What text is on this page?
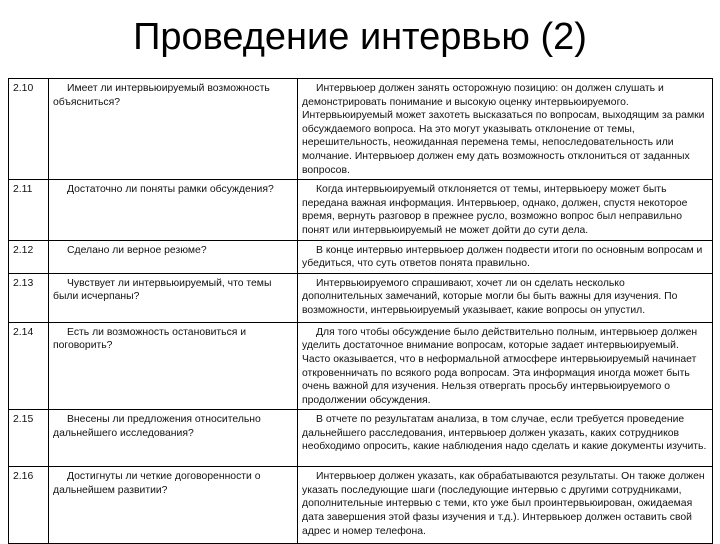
Проведение интервью (2)
2.10	Имеет ли интервьюируемый возможность объясниться?	Интервьюер должен занять осторожную позицию: он должен слушать и демонстрировать понимание и высокую оценку интервьюируемого. Интервьюируемый может захотеть высказаться по вопросам, выходящим за рамки обсуждаемого вопроса. На это могут указывать отклонение от темы, нерешительность, неожиданная перемена темы, непоследовательность или молчание. Интервьюер должен ему дать возможность отклониться от заданных вопросов.

2.11	Достаточно ли поняты рамки обсуждения?	Когда интервьюируемый отклоняется от темы, интервьюеру может быть передана важная информация. Интервьюер, однако, должен, спустя некоторое время, вернуть разговор в прежнее русло, возможно вопрос был неправильно понят или интервьюируемый не может дойти до сути дела.

2.12	Сделано ли верное резюме?	В конце интервью интервьюер должен подвести итоги по основным вопросам и убедиться, что суть ответов понята правильно.

2.13	Чувствует ли интервьюируемый, что темы были исчерпаны?	Интервьюируемого спрашивают, хочет ли он сделать несколько дополнительных замечаний, которые могли бы быть важны для изучения. По возможности, интервьюируемый указывает, какие вопросы он упустил.

2.14	Есть ли возможность остановиться и поговорить?	Для того чтобы обсуждение было действительно полным, интервьюер должен уделить достаточное внимание вопросам, которые задает интервьюируемый. Часто оказывается, что в неформальной атмосфере интервьюируемый начинает откровенничать по всякого рода вопросам. Эта информация иногда может быть очень важной для изучения. Нельзя отвергать просьбу интервьюируемого о продолжении обсуждения.

2.15	Внесены ли предложения относительно дальнейшего исследования?	В отчете по результатам анализа, в том случае, если требуется проведение дальнейшего расследования, интервьюер должен указать, каких сотрудников необходимо опросить, какие наблюдения надо сделать и какие документы изучить.

2.16	Достигнуты ли четкие договоренности о дальнейшем развитии?	Интервьюер должен указать, как обрабатываются результаты. Он также должен указать последующие шаги (последующие интервью с другими сотрудниками, дополнительные интервью с теми, кто уже был проинтервьюирован, ожидаемая дата завершения этой фазы изучения и т.д.). Интервьюер должен оставить свой адрес и номер телефона.
